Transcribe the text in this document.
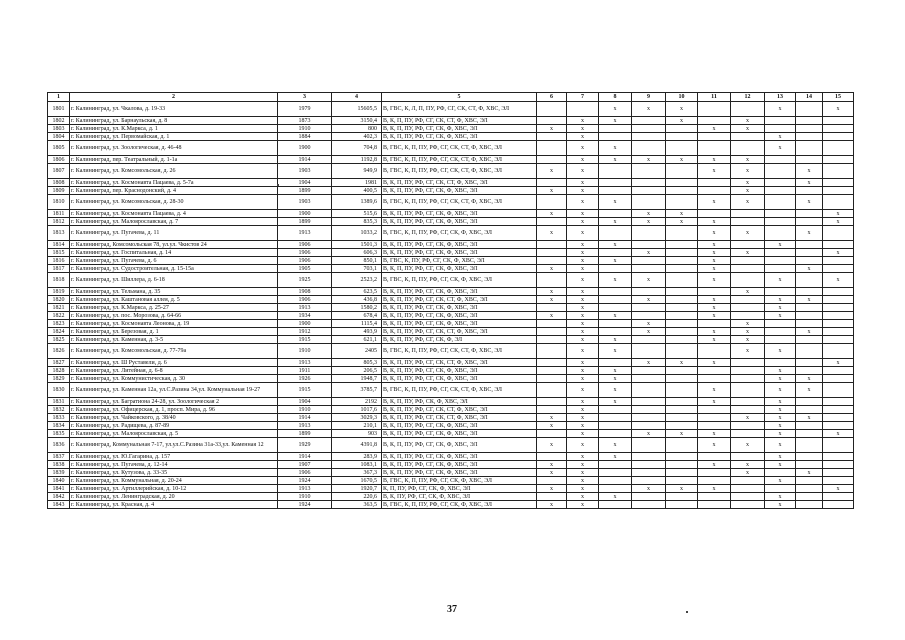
1	2	3	4	5	6	7	8	9	10	11	12	13	14	15
1801	г. Калининград, ул. Чкалова, д. 19-33	1979	15605,5	В, ГВС, К, Л, П, ПУ, РФ, СГ, СК, СТ, Ф, ХВС, ЭЛ			x	x	x			x		x
1802	г. Калининград, ул. Барнаульская, д. 8	1873	3150,4	В, К, П, ПУ, РФ, СГ, СК, СТ, Ф, ХВС, ЭЛ		x	x		x		x			
1803	г. Калининград, ул. К.Маркса, д. 1	1910	800	В, К, П, ПУ, РФ, СГ, СК, Ф, ХВС, ЭЛ	x	x				x	x			
1804	г. Калининград, ул. Первомайская, д. 1	1884	402,3	В, К, П, ПУ, РФ, СГ, СК, Ф, ХВС, ЭЛ		x						x		
1805	г. Калининград, ул. Зоологическая, д. 46-48	1900	704,8	В, ГВС, К, П, ПУ, РФ, СГ, СК, СТ, Ф, ХВС, ЭЛ		x	x					x		
1806	г. Калининград, пер. Театральный, д. 1-1а	1914	1192,8	В, ГВС, К, П, ПУ, РФ, СГ, СК, СТ, Ф, ХВС, ЭЛ		x	x	x	x	x	x			
1807	г. Калининград, ул. Комсомольская, д. 26	1903	949,9	В, ГВС, К, П, ПУ, РФ, СГ, СК, СТ, Ф, ХВС, ЭЛ	x	x				x	x		x	
1808	г. Калининград, ул. Космонавта Пацаева, д. 5-7а	1904	1981	В, К, П, ПУ, РФ, СГ, СК, СТ, Ф, ХВС, ЭЛ		x					x		x	
1809	г. Калининград, пер. Краснодонский, д. 4	1899	400,5	В, К, П, ПУ, РФ, СГ, СК, Ф, ХВС, ЭЛ	x	x					x			
1810	г. Калининград, ул. Комсомольская, д. 28-30	1903	1389,6	В, ГВС, К, П, ПУ, РФ, СГ, СК, СТ, Ф, ХВС, ЭЛ		x	x			x	x		x	
1811	г. Калининград, ул. Космонавта Пацаева, д. 4	1900	515,6	В, К, П, ПУ, РФ, СГ, СК, Ф, ХВС, ЭЛ	x	x		x	x					x
1812	г. Калининград, ул. Малоярославская, д. 7	1899	835,3	В, К, П, ПУ, РФ, СГ, СК, Ф, ХВС, ЭЛ		x	x	x	x	x				x
1813	г. Калининград, ул. Пугачева, д. 11	1913	1033,2	В, ГВС, К, П, ПУ, РФ, СГ, СК, Ф, ХВС, ЭЛ	x	x				x	x		x	
1814	г. Калининград, Комсомольская 78, ул.ул. Чкистов 24	1906	1501,3	В, К, П, ПУ, РФ, СГ, СК, Ф, ХВС, ЭЛ		x	x			x		x		
1815	г. Калининград, ул. Госпитальная, д. 14	1906	606,3	В, К, П, ПУ, РФ, СГ, СК, Ф, ХВС, ЭЛ		x		x		x	x			x
1816	г. Калининград, ул. Пугачева, д. 6	1906	850,1	В, ГВС, К, ПУ, РФ, СГ, СК, Ф, ХВС, ЭЛ		x	x			x				
1817	г. Калининград, ул. Судостроительная, д. 15-15а	1905	703,1	В, К, П, ПУ, РФ, СГ, СК, Ф, ХВС, ЭЛ	x	x				x			x	
1818	г. Калининград, ул. Шиллера, д. 6-18	1925	2523,2	В, ГВС, К, П, ПУ, РФ, СГ, СК, Ф, ХВС, ЭЛ		x	x	x		x		x		x
1819	г. Калининград, ул. Тельмана, д. 35	1908	623,5	В, К, П, ПУ, РФ, СГ, СК, Ф, ХВС, ЭЛ	x	x					x			
1820	г. Калининград, ул. Каштановая аллея, д. 5	1906	436,8	В, К, П, ПУ, РФ, СГ, СК, СТ, Ф, ХВС, ЭЛ	x	x		x		x		x	x	
1821	г. Калининград, ул. К.Маркса, д. 25-27	1913	1580,2	В, К, П, ПУ, РФ, СГ, СК, Ф, ХВС, ЭЛ		x				x		x		
1822	г. Калининград, ул. пос. Морозова, д. 64-66	1934	678,4	В, К, П, ПУ, РФ, СГ, СК, Ф, ХВС, ЭЛ	x	x	x			x		x		
1823	г. Калининград, ул. Космонавта Леонова, д. 19	1900	1115,4	В, К, П, ПУ, РФ, СГ, СК, Ф, ХВС, ЭЛ		x		x			x			
1824	г. Калининград, ул. Березовая, д. 1	1912	493,9	В, К, П, ПУ, РФ, СГ, СК, СТ, Ф, ХВС, ЭЛ		x		x		x	x		x	
1825	г. Калининград, ул. Каменная, д. 3-5	1915	621,1	В, К, П, ПУ, РФ, СГ, СК, Ф, ЭЛ		x	x			x	x			
1826	г. Калининград, ул. Комсомольская, д. 77-79а	1910	2405	В, ГВС, К, П, ПУ, РФ, СГ, СК, СТ, Ф, ХВС, ЭЛ		x	x				x	x		
1827	г. Калининград, ул. Ш Руставели, д. 6	1913	805,3	В, К, П, ПУ, РФ, СГ, СК, СТ, Ф, ХВС, ЭЛ		x		x	x	x				x
1828	г. Калининград, ул. Литейная, д. 6-8	1911	206,5	В, К, П, ПУ, РФ, СГ, СК, Ф, ХВС, ЭЛ		x	x					x		
1829	г. Калининград, ул. Коммунистическая, д. 30	1926	1948,7	В, К, П, ПУ, РФ, СГ, СК, Ф, ХВС, ЭЛ		x	x					x	x	
1830	г. Калининград, ул. Каменная 12а, ул.С.Разина 34,ул. Коммунальная 19-27	1915	3785,7	В, ГВС, К, П, ПУ, РФ, СГ, СК, СТ, Ф, ХВС, ЭЛ		x	x			x		x	x	
1831	г. Калининград, ул. Багратиона 24-28, ул. Зоологическая 2	1904	2192	В, К, П, ПУ, РФ, СК, Ф, ХВС, ЭЛ		x	x			x		x		
1832	г. Калининград, ул. Офицерская, д. 1, просп. Мира, д. 96	1910	1017,6	В, К, П, ПУ, РФ, СГ, СК, СТ, Ф, ХВС, ЭЛ		x						x		
1833	г. Калининград, ул. Чайковского, д. 38/40	1914	3029,3	В, К, П, ПУ, РФ, СГ, СК, СТ, Ф, ХВС, ЭЛ	x	x					x	x	x	
1834	г. Калининград, ул. Радищева, д. 87-89	1913	210,1	В, К, П, ПУ, РФ, СГ, СК, Ф, ХВС, ЭЛ	x	x						x		
1835	г. Калининград, ул. Малоярославская, д. 5	1899	903	В, К, П, ПУ, РФ, СГ, СК, Ф, ХВС, ЭЛ		x		x	x	x		x		x
1836	г. Калининград, Коммунальная 7-17, ул.ул.С.Разина 31а-33,ул. Каменная 12	1929	4391,8	В, К, П, ПУ, РФ, СГ, СК, Ф, ХВС, ЭЛ	x	x	x			x	x	x		
1837	г. Калининград, ул. Ю.Гагарина, д. 157	1914	283,9	В, К, П, ПУ, РФ, СГ, СК, Ф, ХВС, ЭЛ		x	x					x		
1838	г. Калининград, ул. Пугачева, д. 12-14	1907	1083,1	В, К, П, ПУ, РФ, СГ, СК, Ф, ХВС, ЭЛ	x	x				x	x	x		
1839	г. Калининград, ул. Кутузова, д. 33-35	1906	367,3	В, К, П, ПУ, РФ, СГ, СК, Ф, ХВС, ЭЛ	x	x					x		x	
1840	г. Калининград, ул. Коммунальная, д. 20-24	1924	1670,5	В, ГВС, К, П, ПУ, РФ, СГ, СК, Ф, ХВС, ЭЛ		x						x		
1841	г. Калининград, ул. Артиллерийская, д. 10-12	1913	1920,7	К, П, ПУ, РФ, СГ, СК, Ф, ХВС, ЭЛ	x	x		x	x	x				x
1842	г. Калининград, ул. Ленинградская, д. 20	1910	220,6	В, К, ПУ, РФ, СГ, СК, Ф, ХВС, ЭЛ		x	x					x		
1843	г. Калининград, ул. Красная, д. 4	1924	363,5	В, ГВС, К, П, ПУ, РФ, СГ, СК, Ф, ХВС, ЭЛ	x	x						x		
37
